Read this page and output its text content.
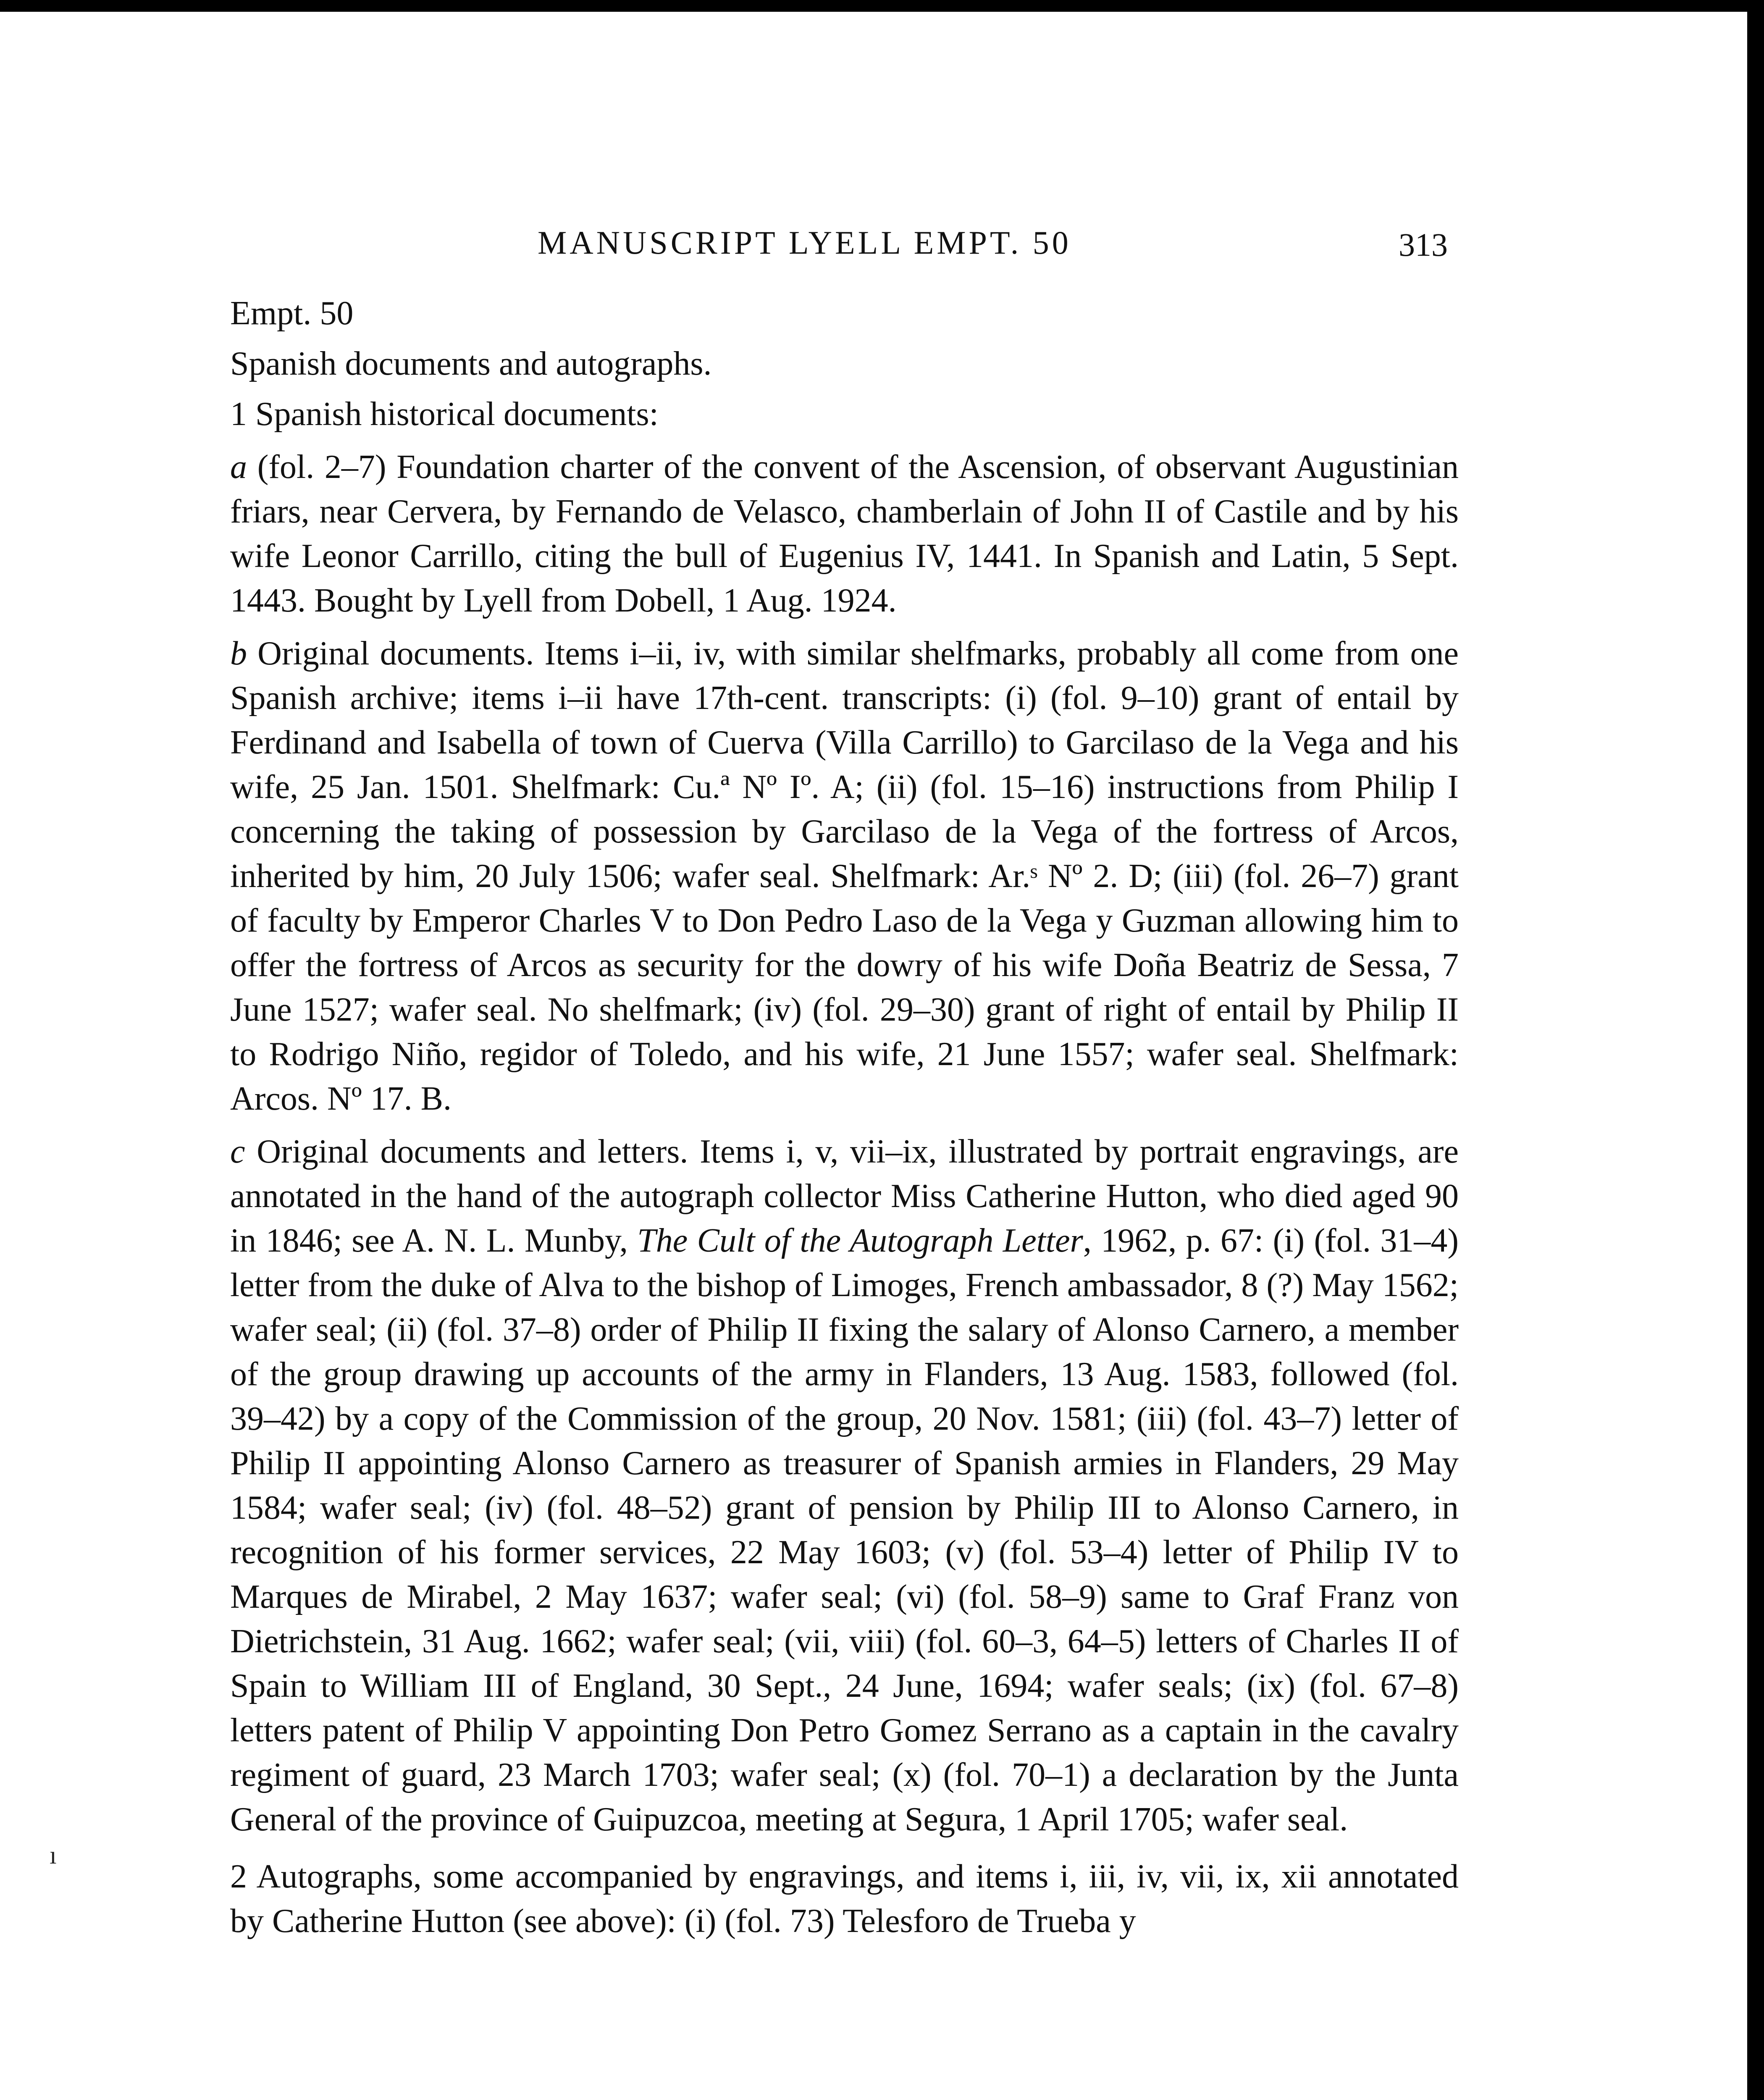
MANUSCRIPT LYELL EMPT. 50	313

Empt. 50

Spanish documents and autographs.

1 Spanish historical documents:

a (fol. 2–7) Foundation charter of the convent of the Ascension, of observant Augustinian friars, near Cervera, by Fernando de Velasco, chamberlain of John II of Castile and by his wife Leonor Carrillo, citing the bull of Eugenius IV, 1441. In Spanish and Latin, 5 Sept. 1443. Bought by Lyell from Dobell, 1 Aug. 1924.

b Original documents. Items i–ii, iv, with similar shelfmarks, probably all come from one Spanish archive; items i–ii have 17th-cent. transcripts: (i) (fol. 9–10) grant of entail by Ferdinand and Isabella of town of Cuerva (Villa Carrillo) to Garcilaso de la Vega and his wife, 25 Jan. 1501. Shelfmark: Cu.ª Nº Iº. A; (ii) (fol. 15–16) instructions from Philip I concerning the taking of possession by Garcilaso de la Vega of the fortress of Arcos, inherited by him, 20 July 1506; wafer seal. Shelfmark: Ar.ˢ Nº 2. D; (iii) (fol. 26–7) grant of faculty by Emperor Charles V to Don Pedro Laso de la Vega y Guzman allowing him to offer the fortress of Arcos as security for the dowry of his wife Doña Beatriz de Sessa, 7 June 1527; wafer seal. No shelfmark; (iv) (fol. 29–30) grant of right of entail by Philip II to Rodrigo Niño, regidor of Toledo, and his wife, 21 June 1557; wafer seal. Shelfmark: Arcos. Nº 17. B.

c Original documents and letters. Items i, v, vii–ix, illustrated by portrait engravings, are annotated in the hand of the autograph collector Miss Catherine Hutton, who died aged 90 in 1846; see A. N. L. Munby, The Cult of the Autograph Letter, 1962, p. 67: (i) (fol. 31–4) letter from the duke of Alva to the bishop of Limoges, French ambassador, 8 (?) May 1562; wafer seal; (ii) (fol. 37–8) order of Philip II fixing the salary of Alonso Carnero, a member of the group drawing up accounts of the army in Flanders, 13 Aug. 1583, followed (fol. 39–42) by a copy of the Commission of the group, 20 Nov. 1581; (iii) (fol. 43–7) letter of Philip II appointing Alonso Carnero as treasurer of Spanish armies in Flanders, 29 May 1584; wafer seal; (iv) (fol. 48–52) grant of pension by Philip III to Alonso Carnero, in recognition of his former services, 22 May 1603; (v) (fol. 53–4) letter of Philip IV to Marques de Mirabel, 2 May 1637; wafer seal; (vi) (fol. 58–9) same to Graf Franz von Dietrichstein, 31 Aug. 1662; wafer seal; (vii, viii) (fol. 60–3, 64–5) letters of Charles II of Spain to William III of England, 30 Sept., 24 June, 1694; wafer seals; (ix) (fol. 67–8) letters patent of Philip V appointing Don Petro Gomez Serrano as a captain in the cavalry regiment of guard, 23 March 1703; wafer seal; (x) (fol. 70–1) a declaration by the Junta General of the province of Guipuzcoa, meeting at Segura, 1 April 1705; wafer seal.

2 Autographs, some accompanied by engravings, and items i, iii, iv, vii, ix, xii annotated by Catherine Hutton (see above): (i) (fol. 73) Telesforo de Trueba y

ı
